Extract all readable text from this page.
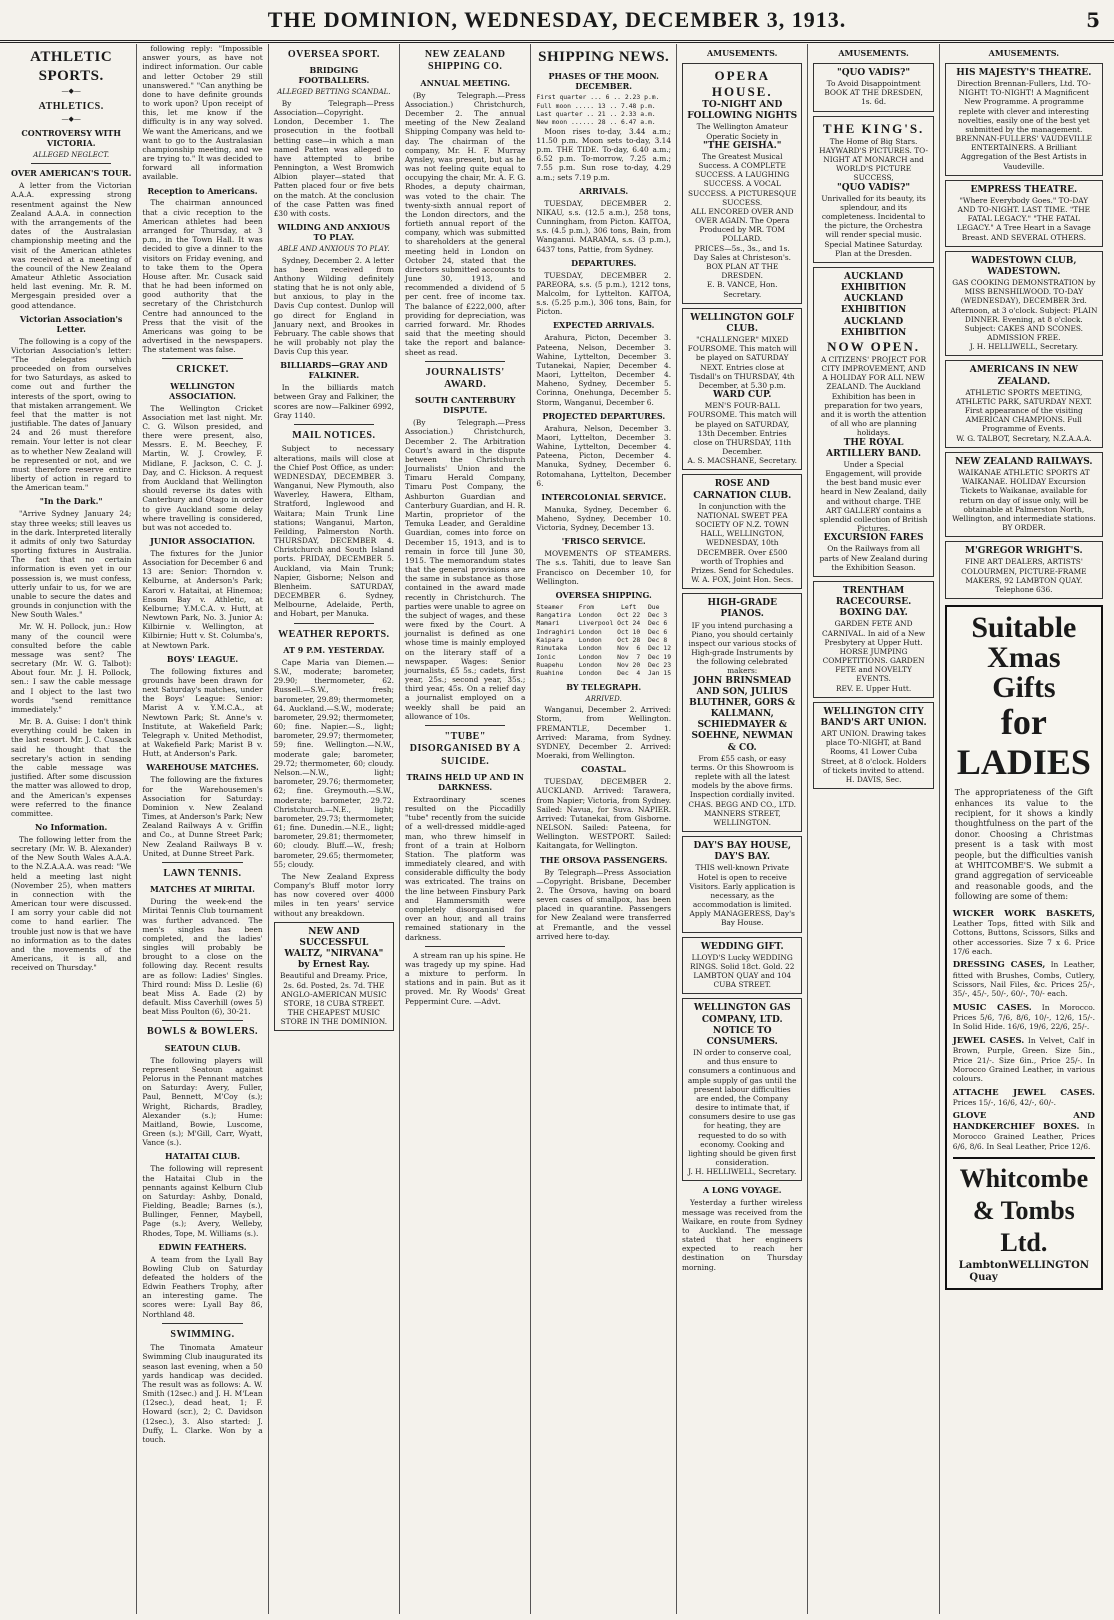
THE DOMINION, WEDNESDAY, DECEMBER 3, 1913.	5
ATHLETIC SPORTS.
—◆—
ATHLETICS.
—◆—
CONTROVERSY WITH VICTORIA.
ALLEGED NEGLECT.
OVER AMERICAN'S TOUR.

A letter from the Victorian A.A.A. expressing strong resentment against the New Zealand A.A.A. in connection with the arrangements of the dates of the Australasian championship meeting and the visit of the American athletes was received at a meeting of the council of the New Zealand Amateur Athletic Association held last evening. Mr. R. M. Mergesgain presided over a good attendance.

Victorian Association's Letter.

The following is a copy of the Victorian Association's letter: "The delegates which proceeded on from ourselves for two Saturdays, as asked to come out and further the interests of the sport, owing to that mistaken arrangement. We feel that the matter is not justifiable. The dates of January 24 and 26 must therefore remain. Your letter is not clear as to whether New Zealand will be represented or not, and we must therefore reserve entire liberty of action in regard to the American team."

"In the Dark."

"Arrive Sydney January 24; stay three weeks; still leaves us in the dark. Interpreted literally it admits of only two Saturday sporting fixtures in Australia. The fact that no certain information is even yet in our possession is, we must confess, utterly unfair to us, for we are unable to secure the dates and grounds in conjunction with the New South Wales."

Mr. W. H. Pollock, jun.: How many of the council were consulted before the cable message was sent? The secretary (Mr. W. G. Talbot): About four. Mr. J. H. Pollock, sen.: I saw the cable message and I object to the last two words "send remittance immediately."

Mr. B. A. Guise: I don't think everything could be taken in the last resort. Mr. J. C. Cusack said he thought that the secretary's action in sending the cable message was justified. After some discussion the matter was allowed to drop, and the American's expenses were referred to the finance committee.

No Information.

The following letter from the secretary (Mr. W. B. Alexander) of the New South Wales A.A.A. to the N.Z.A.A.A. was read: "We held a meeting last night (November 25), when matters in connection with the American tour were discussed. I am sorry your cable did not come to hand earlier. The trouble just now is that we have no information as to the dates and the movements of the Americans, it is all, and received on Thursday."

following reply: "Impossible answer yours, as have not indirect information. Our cable and letter October 29 still unanswered." "Can anything be done to have definite grounds to work upon? Upon receipt of this, let me know if the difficulty is in any way solved. We want the Americans, and we want to go to the Australasian championship meeting, and we are trying to." It was decided to forward all information available.

Reception to Americans.

The chairman announced that a civic reception to the American athletes had been arranged for Thursday, at 3 p.m., in the Town Hall. It was decided to give a dinner to the visitors on Friday evening, and to take them to the Opera House after. Mr. Cusack said that he had been informed on good authority that the secretary of the Christchurch Centre had announced to the Press that the visit of the Americans was going to be advertised in the newspapers. The statement was false.

CRICKET.
WELLINGTON ASSOCIATION.

The Wellington Cricket Association met last night. Mr. C. G. Wilson presided, and there were present, also, Messrs. E. M. Beechey, F. Martin, W. J. Crowley, F. Midlane, F. Jackson, C. C. J. Day, and C. Hickson. A request from Auckland that Wellington should reverse its dates with Canterbury and Otago in order to give Auckland some delay where travelling is considered, but was not acceded to.

JUNIOR ASSOCIATION.

The fixtures for the Junior Association for December 6 and 13 are: Senior: Thorndon v. Kelburne, at Anderson's Park; Karori v. Hataitai, at Hinemoa; Ensom Bay v. Athletic, at Kelburne; Y.M.C.A. v. Hutt, at Newtown Park, No. 3. Junior A: Kilbirnie v. Wellington, at Kilbirnie; Hutt v. St. Columba's, at Newtown Park.

BOYS' LEAGUE.

The following fixtures and grounds have been drawn for next Saturday's matches, under the Boys' League: Senior: Marist A v. Y.M.C.A., at Newtown Park; St. Anne's v. Institute, at Wakefield Park; Telegraph v. United Methodist, at Wakefield Park; Marist B v. Hutt, at Anderson's Park.

WAREHOUSE MATCHES.

The following are the fixtures for the Warehousemen's Association for Saturday: Dominion v. New Zealand Times, at Anderson's Park; New Zealand Railways A v. Griffin and Co., at Dunne Street Park; New Zealand Railways B v. United, at Dunne Street Park.

LAWN TENNIS.
MATCHES AT MIRITAI.

During the week-end the Miritai Tennis Club tournament was further advanced. The men's singles has been completed, and the ladies' singles will probably be brought to a close on the following day. Recent results are as follow: Ladies' Singles. Third round: Miss D. Leslie (6) beat Miss A. Eade (2) by default. Miss Caverhill (owes 5) beat Miss Poulton (6), 30-21.

BOWLS & BOWLERS.
SEATOUN CLUB.

The following players will represent Seatoun against Pelorus in the Pennant matches on Saturday: Avery, Fuller, Paul, Bennett, M'Coy (s.); Wright, Richards, Bradley, Alexander (s.); Hume: Maitland, Bowie, Luscome, Green (s.); M'Gill, Carr, Wyatt, Vance (s.).

HATAITAI CLUB.

The following will represent the Hataitai Club in the pennants against Kelburn Club on Saturday: Ashby, Donald, Fielding, Beadle; Barnes (s.), Bullinger, Fenner, Maybell, Page (s.); Avery, Welleby, Rhodes, Tope, M. Williams (s.).

EDWIN FEATHERS.

A team from the Lyall Bay Bowling Club on Saturday defeated the holders of the Edwin Feathers Trophy, after an interesting game. The scores were: Lyall Bay 86, Northland 48.

SWIMMING.

The Tinomata Amateur Swimming Club inaugurated its season last evening, when a 50 yards handicap was decided. The result was as follows: A. W. Smith (12sec.) and J. H. M'Lean (12sec.), dead heat, 1; F. Howard (scr.), 2; C. Davidson (12sec.), 3. Also started: J. Duffy, L. Clarke. Won by a touch.

OVERSEA SPORT.
BRIDGING FOOTBALLERS.
ALLEGED BETTING SCANDAL.

By Telegraph—Press Association—Copyright. London, December 1. The prosecution in the football betting case—in which a man named Patten was alleged to have attempted to bribe Pennington, a West Bromwich Albion player—stated that Patten placed four or five bets on the match. At the conclusion of the case Patten was fined £30 with costs.

WILDING AND ANXIOUS TO PLAY.
ABLE AND ANXIOUS TO PLAY.

Sydney, December 2. A letter has been received from Anthony Wilding definitely stating that he is not only able, but anxious, to play in the Davis Cup contest. Dunlop will go direct for England in January next, and Brookes in February. The cable shows that he will probably not play the Davis Cup this year.

BILLIARDS—GRAY AND FALKINER.

In the billiards match between Gray and Falkiner, the scores are now—Falkiner 6992, Gray 1140.

MAIL NOTICES.

Subject to necessary alterations, mails will close at the Chief Post Office, as under: WEDNESDAY, DECEMBER 3. Wanganui, New Plymouth, also Waverley, Hawera, Eltham, Stratford, Inglewood and Waitara; Main Trunk Line stations; Wanganui, Marton, Feilding, Palmerston North. THURSDAY, DECEMBER 4. Christchurch and South Island ports. FRIDAY, DECEMBER 5. Auckland, via Main Trunk; Napier, Gisborne; Nelson and Blenheim. SATURDAY, DECEMBER 6. Sydney, Melbourne, Adelaide, Perth, and Hobart, per Manuka.

WEATHER REPORTS.
AT 9 P.M. YESTERDAY.

Cape Maria van Diemen.—S.W., moderate; barometer, 29.90; thermometer, 62. Russell.—S.W., fresh; barometer, 29.89; thermometer, 64. Auckland.—S.W., moderate; barometer, 29.92; thermometer, 60; fine. Napier.—S., light; barometer, 29.97; thermometer, 59; fine. Wellington.—N.W., moderate gale; barometer, 29.72; thermometer, 60; cloudy. Nelson.—N.W., light; barometer, 29.76; thermometer, 62; fine. Greymouth.—S.W., moderate; barometer, 29.72. Christchurch.—N.E., light; barometer, 29.73; thermometer, 61; fine. Dunedin.—N.E., light; barometer, 29.81; thermometer, 60; cloudy. Bluff.—W., fresh; barometer, 29.65; thermometer, 55; cloudy.

The New Zealand Express Company's Bluff motor lorry has now covered over 4000 miles in ten years' service without any breakdown.

NEW AND SUCCESSFUL WALTZ, "NIRVANA" by Ernest Ray.
Beautiful and Dreamy. Price, 2s. 6d. Posted, 2s. 7d. THE ANGLO-AMERICAN MUSIC STORE, 18 CUBA STREET. THE CHEAPEST MUSIC STORE IN THE DOMINION.
NEW ZEALAND SHIPPING CO.
ANNUAL MEETING.

(By Telegraph.—Press Association.) Christchurch, December 2. The annual meeting of the New Zealand Shipping Company was held to-day. The chairman of the company, Mr. H. F. Murray Aynsley, was present, but as he was not feeling quite equal to occupying the chair, Mr. A. F. G. Rhodes, a deputy chairman, was voted to the chair. The twenty-sixth annual report of the London directors, and the fortieth annual report of the company, which was submitted to shareholders at the general meeting held in London on October 24, stated that the directors submitted accounts to June 30, 1913, and recommended a dividend of 5 per cent. free of income tax. The balance of £222,000, after providing for depreciation, was carried forward. Mr. Rhodes said that the meeting should take the report and balance-sheet as read.

JOURNALISTS' AWARD.
SOUTH CANTERBURY DISPUTE.

(By Telegraph.—Press Association.) Christchurch, December 2. The Arbitration Court's award in the dispute between the Christchurch Journalists' Union and the Timaru Herald Company, Timaru Post Company, the Ashburton Guardian and Canterbury Guardian, and H. R. Martin, proprietor of the Temuka Leader, and Geraldine Guardian, comes into force on December 15, 1913, and is to remain in force till June 30, 1915. The memorandum states that the general provisions are the same in substance as those contained in the award made recently in Christchurch. The parties were unable to agree on the subject of wages, and these were fixed by the Court. A journalist is defined as one whose time is mainly employed on the literary staff of a newspaper. Wages: Senior journalists, £5 5s.; cadets, first year, 25s.; second year, 35s.; third year, 45s. On a relief day a journalist employed on a weekly shall be paid an allowance of 10s.

"TUBE" DISORGANISED BY A SUICIDE.
TRAINS HELD UP AND IN DARKNESS.

Extraordinary scenes resulted on the Piccadilly "tube" recently from the suicide of a well-dressed middle-aged man, who threw himself in front of a train at Holborn Station. The platform was immediately cleared, and with considerable difficulty the body was extricated. The trains on the line between Finsbury Park and Hammersmith were completely disorganised for over an hour, and all trains remained stationary in the darkness.

A stream ran up his spine. He was tragedy up my spine. Had a mixture to perform. In stations and in pain. But as it proved. Mr. Ry Woods' Great Peppermint Cure. —Advt.

SHIPPING NEWS.
PHASES OF THE MOON. DECEMBER.
First quarter ... 6 .. 2.23 p.m.
Full moon ..... 13 .. 7.48 p.m.
Last quarter .. 21 .. 2.33 a.m.
New moon ...... 28 .. 6.47 a.m.

Moon rises to-day, 3.44 a.m.; 11.50 p.m. Moon sets to-day, 3.14 p.m. THE TIDE. To-day, 6.40 a.m.; 6.52 p.m. To-morrow, 7.25 a.m.; 7.55 p.m. Sun rose to-day, 4.29 a.m.; sets 7.19 p.m.

ARRIVALS.

TUESDAY, DECEMBER 2. NIKAU, s.s. (12.5 a.m.), 258 tons, Cunningham, from Picton. KAITOA, s.s. (4.5 p.m.), 306 tons, Bain, from Wanganui. MARAMA, s.s. (3 p.m.), 6437 tons, Pattie, from Sydney.

DEPARTURES.

TUESDAY, DECEMBER 2. PAREORA, s.s. (5 p.m.), 1212 tons, Malcolm, for Lyttelton. KAITOA, s.s. (5.25 p.m.), 306 tons, Bain, for Picton.

EXPECTED ARRIVALS.

Arahura, Picton, December 3. Pateena, Nelson, December 3. Wahine, Lyttelton, December 3. Tutanekai, Napier, December 4. Maori, Lyttelton, December 4. Maheno, Sydney, December 5. Corinna, Onehunga, December 5. Storm, Wanganui, December 6.

PROJECTED DEPARTURES.

Arahura, Nelson, December 3. Maori, Lyttelton, December 3. Wahine, Lyttelton, December 4. Pateena, Picton, December 4. Manuka, Sydney, December 6. Rotomahana, Lyttelton, December 6.

INTERCOLONIAL SERVICE.

Manuka, Sydney, December 6. Maheno, Sydney, December 10. Victoria, Sydney, December 13.

'FRISCO SERVICE.

MOVEMENTS OF STEAMERS. The s.s. Tahiti, due to leave San Francisco on December 10, for Wellington.

OVERSEA SHIPPING.
Steamer    From       Left   Due
Rangatira  London    Oct 22  Dec 3
Mamari     Liverpool Oct 24  Dec 6
Indraghiri London    Oct 10  Dec 6
Kaipara    London    Oct 28  Dec 8
Rimutaka   London    Nov  6  Dec 12
Ionic      London    Nov  7  Dec 19
Ruapehu    London    Nov 20  Dec 23
Ruahine    London    Dec  4  Jan 15
BY TELEGRAPH.
ARRIVED.

Wanganui, December 2. Arrived: Storm, from Wellington. FREMANTLE, December 1. Arrived: Marama, from Sydney. SYDNEY, December 2. Arrived: Moeraki, from Wellington.

COASTAL.

TUESDAY, DECEMBER 2. AUCKLAND. Arrived: Tarawera, from Napier; Victoria, from Sydney. Sailed: Navua, for Suva. NAPIER. Arrived: Tutanekai, from Gisborne. NELSON. Sailed: Pateena, for Wellington. WESTPORT. Sailed: Kaitangata, for Wellington.

THE ORSOVA PASSENGERS.

By Telegraph—Press Association—Copyright. Brisbane, December 2. The Orsova, having on board seven cases of smallpox, has been placed in quarantine. Passengers for New Zealand were transferred at Fremantle, and the vessel arrived here to-day.

AMUSEMENTS.
OPERA HOUSE.
TO-NIGHT AND FOLLOWING NIGHTS
The Wellington Amateur Operatic Society in
"THE GEISHA."
The Greatest Musical Success. A COMPLETE SUCCESS. A LAUGHING SUCCESS. A VOCAL SUCCESS. A PICTURESQUE SUCCESS.
ALL ENCORED OVER AND OVER AGAIN. The Opera Produced by MR. TOM POLLARD.
PRICES—5s., 3s., and 1s. Day Sales at Christeson's. BOX PLAN AT THE DRESDEN.
E. B. VANCE, Hon. Secretary.
WELLINGTON GOLF CLUB.
"CHALLENGER" MIXED FOURSOME. This match will be played on SATURDAY NEXT. Entries close at Tisdall's on THURSDAY, 4th December, at 5.30 p.m.
WARD CUP.
MEN'S FOUR-BALL FOURSOME. This match will be played on SATURDAY, 13th December. Entries close on THURSDAY, 11th December.
A. S. MACSHANE, Secretary.
ROSE AND CARNATION CLUB.
In conjunction with the NATIONAL SWEET PEA SOCIETY OF N.Z. TOWN HALL, WELLINGTON, WEDNESDAY, 10th DECEMBER. Over £500 worth of Trophies and Prizes. Send for Schedules.
W. A. FOX, Joint Hon. Secs.
HIGH-GRADE PIANOS.
IF you intend purchasing a Piano, you should certainly inspect our various stocks of High-grade Instruments by the following celebrated makers:
JOHN BRINSMEAD AND SON, JULIUS BLUTHNER, GORS & KALLMANN, SCHIEDMAYER & SOEHNE, NEWMAN & CO.
From £55 cash, or easy terms. Or this Showroom is replete with all the latest models by the above firms. Inspection cordially invited. CHAS. BEGG AND CO., LTD. MANNERS STREET, WELLINGTON.
DAY'S BAY HOUSE, DAY'S BAY.
THIS well-known Private Hotel is open to receive Visitors. Early application is necessary, as the accommodation is limited. Apply MANAGERESS, Day's Bay House.
WEDDING GIFT.
LLOYD'S Lucky WEDDING RINGS. Solid 18ct. Gold. 22 LAMBTON QUAY and 104 CUBA STREET.
WELLINGTON GAS COMPANY, LTD.
NOTICE TO CONSUMERS.
IN order to conserve coal, and thus ensure to consumers a continuous and ample supply of gas until the present labour difficulties are ended, the Company desire to intimate that, if consumers desire to use gas for heating, they are requested to do so with economy. Cooking and lighting should be given first consideration.
J. H. HELLIWELL, Secretary.
A LONG VOYAGE.

Yesterday a further wireless message was received from the Waikare, en route from Sydney to Auckland. The message stated that her engineers expected to reach her destination on Thursday morning.

AMUSEMENTS.
"QUO VADIS?"
To Avoid Disappointment BOOK AT THE DRESDEN, 1s. 6d.
THE KING'S.
The Home of Big Stars. HAYWARD'S PICTURES. TO-NIGHT AT MONARCH and WORLD'S PICTURE SUCCESS,
"QUO VADIS?"
Unrivalled for its beauty, its splendour, and its completeness. Incidental to the picture, the Orchestra will render special music. Special Matinee Saturday.
Plan at the Dresden.
AUCKLAND EXHIBITION
AUCKLAND EXHIBITION
AUCKLAND EXHIBITION
NOW OPEN.
A CITIZENS' PROJECT FOR CITY IMPROVEMENT, AND A HOLIDAY FOR ALL NEW ZEALAND. The Auckland Exhibition has been in preparation for two years, and it is worth the attention of all who are planning holidays.
THE ROYAL ARTILLERY BAND.
Under a Special Engagement, will provide the best band music ever heard in New Zealand, daily and without charge. THE ART GALLERY contains a splendid collection of British Pictures.
EXCURSION FARES
On the Railways from all parts of New Zealand during the Exhibition Season.
TRENTHAM RACECOURSE.
BOXING DAY.
GARDEN FETE AND CARNIVAL. In aid of a New Presbytery at Upper Hutt. HORSE JUMPING COMPETITIONS. GARDEN FETE and NOVELTY EVENTS.
REV. E. Upper Hutt.
WELLINGTON CITY BAND'S ART UNION.
ART UNION. Drawing takes place TO-NIGHT, at Band Rooms, 41 Lower Cuba Street, at 8 o'clock. Holders of tickets invited to attend.
H. DAVIS, Sec.
AMUSEMENTS.
HIS MAJESTY'S THEATRE.
Direction Brennan-Fullers, Ltd. TO-NIGHT! TO-NIGHT! A Magnificent New Programme. A programme replete with clever and interesting novelties, easily one of the best yet submitted by the management.
BRENNAN-FULLERS' VAUDEVILLE ENTERTAINERS. A Brilliant Aggregation of the Best Artists in Vaudeville.
EMPRESS THEATRE.
"Where Everybody Goes." TO-DAY AND TO-NIGHT. LAST TIME. "THE FATAL LEGACY." "THE FATAL LEGACY." A Tree Heart in a Savage Breast. AND SEVERAL OTHERS.
WADESTOWN CLUB, WADESTOWN.
GAS COOKING DEMONSTRATION by MISS BENSHILWOOD. TO-DAY (WEDNESDAY), DECEMBER 3rd. Afternoon, at 3 o'clock. Subject: PLAIN DINNER. Evening, at 8 o'clock. Subject: CAKES AND SCONES. ADMISSION FREE.
J. H. HELLIWELL, Secretary.
AMERICANS IN NEW ZEALAND.
ATHLETIC SPORTS MEETING, ATHLETIC PARK, SATURDAY NEXT. First appearance of the visiting AMERICAN CHAMPIONS. Full Programme of Events.
W. G. TALBOT, Secretary, N.Z.A.A.A.
NEW ZEALAND RAILWAYS.
WAIKANAE ATHLETIC SPORTS AT WAIKANAE. HOLIDAY Excursion Tickets to Waikanae, available for return on day of issue only, will be obtainable at Palmerston North, Wellington, and intermediate stations.
BY ORDER.
M'GREGOR WRIGHT'S.
FINE ART DEALERS, ARTISTS' COLOURMEN, PICTURE-FRAME MAKERS, 92 LAMBTON QUAY. Telephone 636.
Suitable Xmas Gifts
for LADIES
The appropriateness of the Gift enhances its value to the recipient, for it shows a kindly thoughtfulness on the part of the donor. Choosing a Christmas present is a task with most people, but the difficulties vanish at WHITCOMBE'S. We submit a grand aggregation of serviceable and reasonable goods, and the following are some of them:
WICKER WORK BASKETS, Leather Tops, fitted with Silk and Cottons, Buttons, Scissors, Silks and other accessories. Size 7 x 6. Price 17/6 each.
DRESSING CASES, In Leather, fitted with Brushes, Combs, Cutlery, Scissors, Nail Files, &c. Prices 25/-, 35/-, 45/-, 50/-, 60/-, 70/- each.
MUSIC CASES. In Morocco. Prices 5/6, 7/6, 8/6, 10/-, 12/6, 15/-. In Solid Hide. 16/6, 19/6, 22/6, 25/-.
JEWEL CASES. In Velvet, Calf in Brown, Purple, Green. Size 5in., Price 21/-. Size 6in., Price 25/-. In Morocco Grained Leather, in various colours.
ATTACHE JEWEL CASES. Prices 15/-, 16/6, 42/-, 60/-.
GLOVE AND HANDKERCHIEF BOXES. In Morocco Grained Leather, Prices 6/6, 8/6. In Seal Leather, Price 12/6.
Whitcombe & Tombs Ltd.
Lambton Quay
WELLINGTON
